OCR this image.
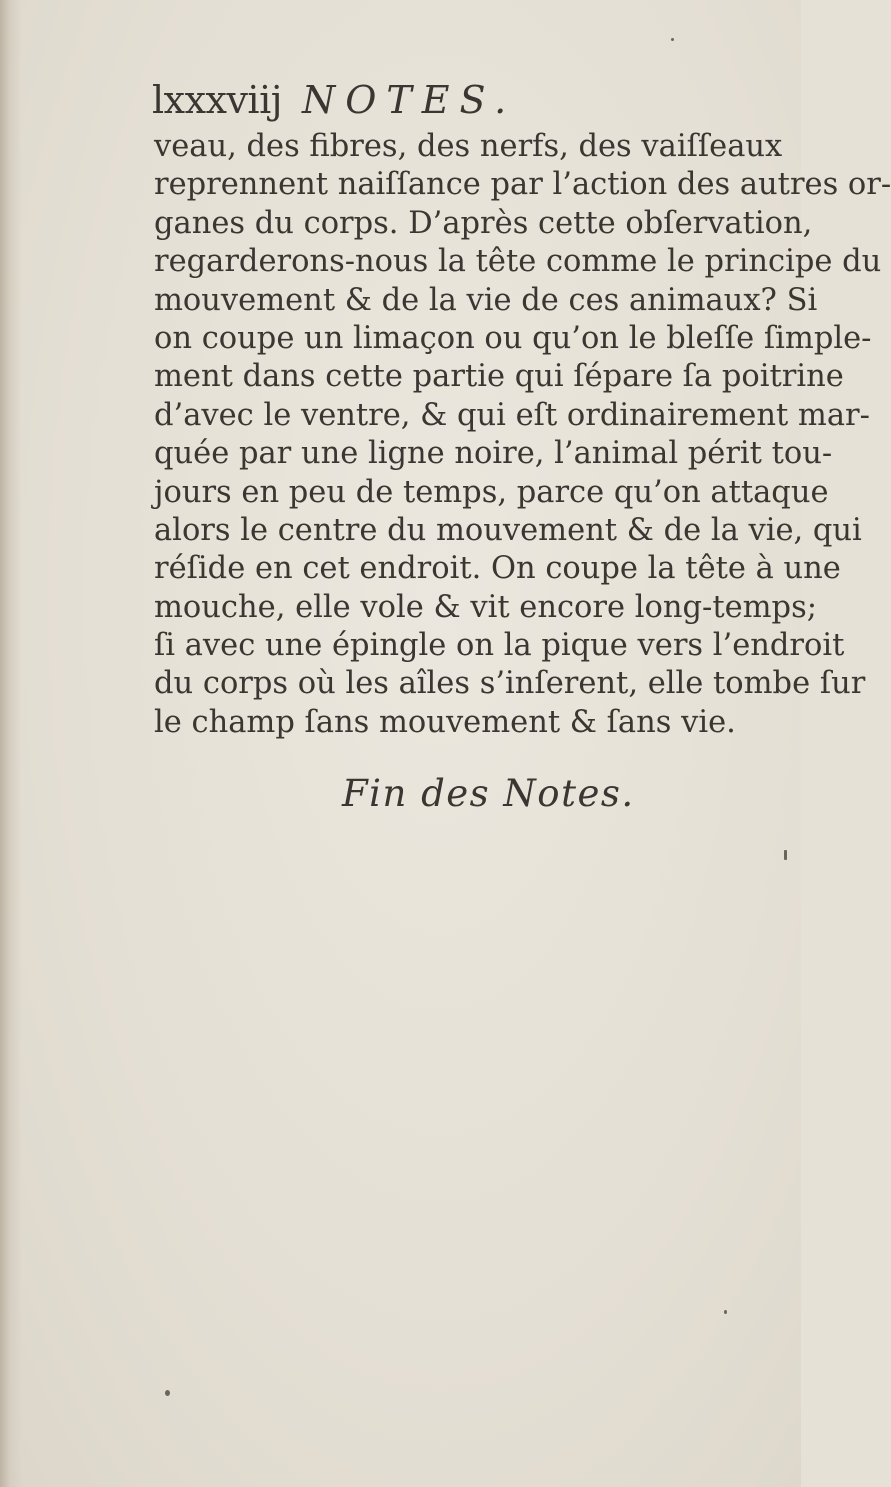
lxxxviij NOTES.
veau, des fibres, des nerfs, des vaiſſeaux
reprennent naiſſance par l’action des autres or-
ganes du corps. D’après cette obſervation,
regarderons-nous la tête comme le principe du
mouvement & de la vie de ces animaux? Si
on coupe un limaçon ou qu’on le bleſſe ſimple-
ment dans cette partie qui ſépare ſa poitrine
d’avec le ventre, & qui eſt ordinairement mar-
quée par une ligne noire, l’animal périt tou-
jours en peu de temps, parce qu’on attaque
alors le centre du mouvement & de la vie, qui
réſide en cet endroit. On coupe la tête à une
mouche, elle vole & vit encore long-temps;
ſi avec une épingle on la pique vers l’endroit
du corps où les aîles s’inſerent, elle tombe ſur
le champ ſans mouvement & ſans vie.
Fin des Notes.
